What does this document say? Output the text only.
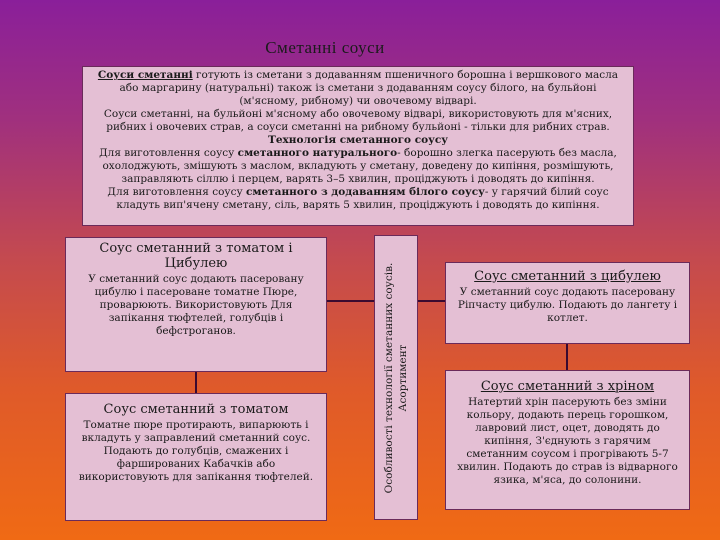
Сметанні соуси
Соуси сметанні готують із сметани з додаванням пшеничного борошна і вершкового масла або маргарину (натуральні) також із сметани з додаванням соусу білого, на бульйоні (м'ясному, рибному) чи овочевому відварі.
Соуси сметанні, на бульйоні м'ясному або овочевому відварі, використовують для м'ясних, рибних і овочевих страв, а соуси сметанні на рибному бульйоні - тільки для рибних страв.
Технологія сметанного соусу
Для виготовлення соусу сметанного натурального- борошно злегка пасерують без масла, охолоджують, змішують з маслом, вкладують у сметану, доведену до кипіння, розмішують, заправляють сіллю і перцем, варять 3–5 хвилин, проціджують і доводять до кипіння.
Для виготовлення соусу сметанного з додаванням білого соусу- у гарячий білий соус кладуть вип'ячену сметану, сіль, варять 5 хвилин, проціджують і доводять до кипіння.
Соус сметанний з томатом і Цибулею
У сметанний соус додають пасеровану цибулю і пасероване томатне Пюре, проварюють. Використовують Для запікання тюфтелей, голубців і бефстроганов.
Соус сметанний з томатом
Томатне пюре протирають, випарюють і вкладуть у заправлений сметанний соус. Подають до голубців, смажених і фаршированих Кабачків або використовують для запікання тюфтелей.	Особливості технології сметанних соусів. Асортимент
Соус сметанний з цибулею
У сметанний соус додають пасеровану Ріпчасту цибулю. Подають до лангету і котлет.
Соус сметанний з хріном
Натертий хрін пасерують без зміни кольору, додають перець горошком, лавровий лист, оцет, доводять до кипіння, З'єднують з гарячим сметанним соусом і прогрівають 5-7 хвилин. Подають до страв із відварного язика, м'яса, до солонини.
